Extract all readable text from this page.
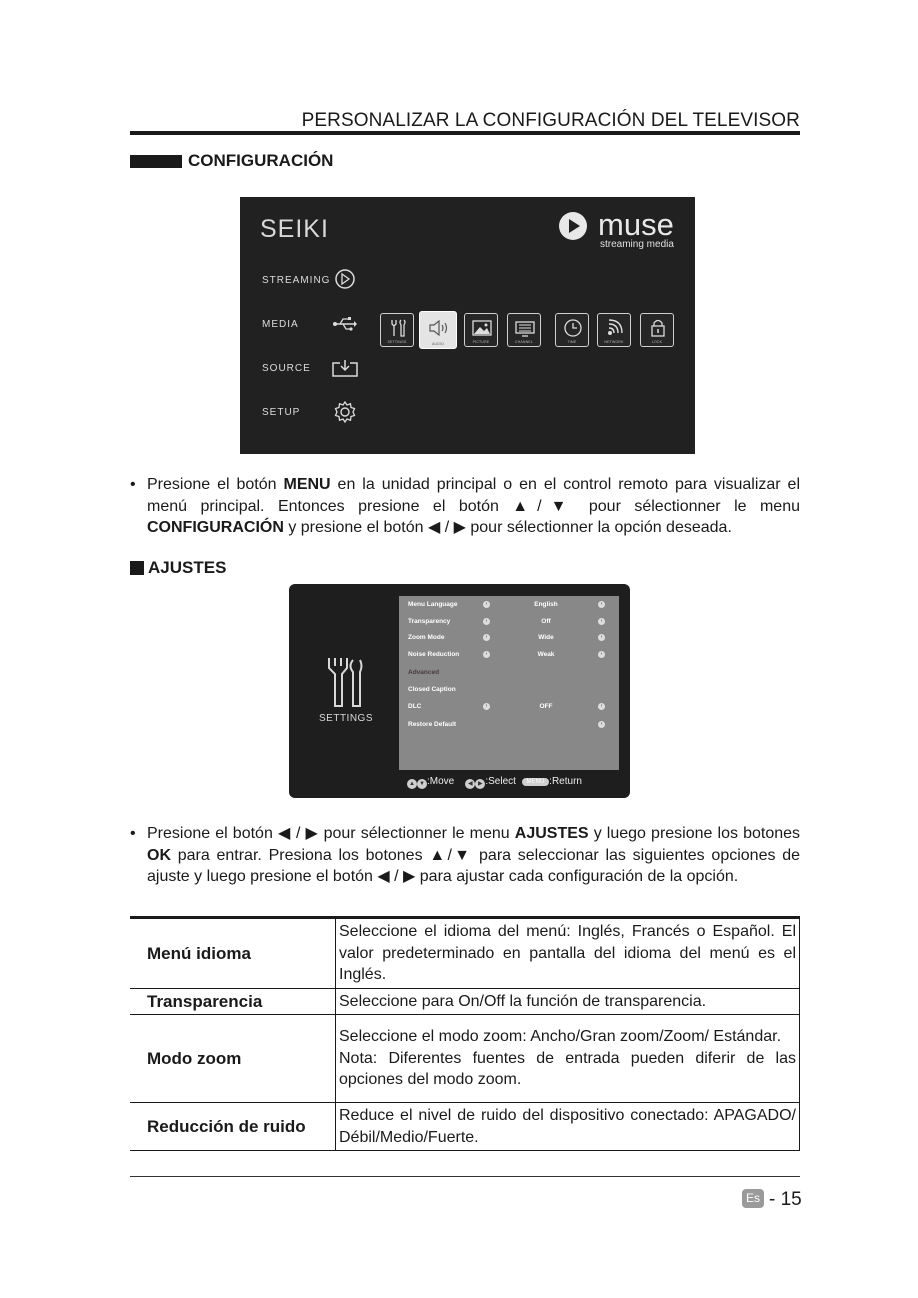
PERSONALIZAR LA CONFIGURACIÓN DEL TELEVISOR
CONFIGURACIÓN
SEIKI	muse
streaming media
STREAMING
MEDIA
SOURCE
SETUP
SETTINGS	AUDIO	PICTURE	CHANNEL	TIME	NETWORK	LOCK
• Presione el botón MENU en la unidad principal o en el control remoto para visualizar el menú principal. Entonces presione el botón ▲/▼ pour sélectionner le menu CONFIGURACIÓN y presione el botón ◀ / ▶ pour sélectionner la opción deseada.
AJUSTES
SETTINGS
Menu Language	‹	English	›
Transparency	‹	Off	›
Zoom Mode	‹	Wide	›
Noise Reduction	‹	Weak	›
Advanced
Closed Caption
DLC	‹	OFF	›
Restore Default	›
▲ ▼ :Move ◀ ▶ :Select MENU :Return
• Presione el botón ◀ / ▶ pour sélectionner le menu AJUSTES y luego presione los botones OK para entrar. Presiona los botones ▲/▼ para seleccionar las siguientes opciones de ajuste y luego presione el botón ◀ / ▶ para ajustar cada configuración de la opción.
Menú idioma	Seleccione el idioma del menú: Inglés, Francés o Español. El valor predeterminado en pantalla del idioma del menú es el Inglés.
Transparencia	Seleccione para On/Off la función de transparencia.
Modo zoom	Seleccione el modo zoom: Ancho/Gran zoom/Zoom/ Estándar.
Nota: Diferentes fuentes de entrada pueden diferir de las opciones del modo zoom.

Reducción de ruido	Reduce el nivel de ruido del dispositivo conectado: APAGADO/ Débil/Medio/Fuerte.
Es - 15
